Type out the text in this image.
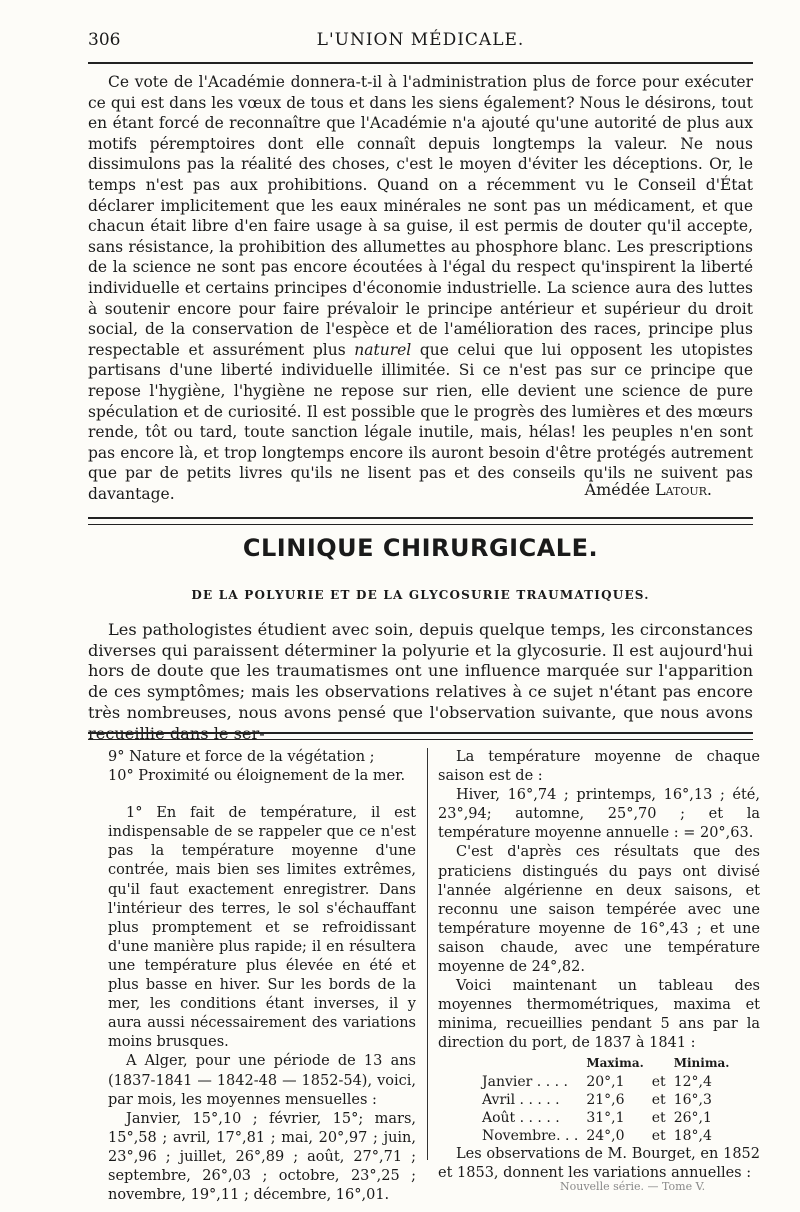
306	L'UNION MÉDICALE.

Ce vote de l'Académie donnera-t-il à l'administration plus de force pour exécuter ce qui est dans les vœux de tous et dans les siens également? Nous le désirons, tout en étant forcé de reconnaître que l'Académie n'a ajouté qu'une autorité de plus aux motifs péremptoires dont elle connaît depuis longtemps la valeur. Ne nous dissimulons pas la réalité des choses, c'est le moyen d'éviter les déceptions. Or, le temps n'est pas aux prohibitions. Quand on a récemment vu le Conseil d'État déclarer implicitement que les eaux minérales ne sont pas un médicament, et que chacun était libre d'en faire usage à sa guise, il est permis de douter qu'il accepte, sans résistance, la prohibition des allumettes au phosphore blanc. Les prescriptions de la science ne sont pas encore écoutées à l'égal du respect qu'inspirent la liberté individuelle et certains principes d'économie industrielle. La science aura des luttes à soutenir encore pour faire prévaloir le principe antérieur et supérieur du droit social, de la conservation de l'espèce et de l'amélioration des races, principe plus respectable et assurément plus naturel que celui que lui opposent les utopistes partisans d'une liberté individuelle illimitée. Si ce n'est pas sur ce principe que repose l'hygiène, l'hygiène ne repose sur rien, elle devient une science de pure spéculation et de curiosité. Il est possible que le progrès des lumières et des mœurs rende, tôt ou tard, toute sanction légale inutile, mais, hélas! les peuples n'en sont pas encore là, et trop longtemps encore ils auront besoin d'être protégés autrement que par de petits livres qu'ils ne lisent pas et des conseils qu'ils ne suivent pas davantage.	Amédée Latour.
CLINIQUE CHIRURGICALE.
DE LA POLYURIE ET DE LA GLYCOSURIE TRAUMATIQUES.

Les pathologistes étudient avec soin, depuis quelque temps, les circonstances diverses qui paraissent déterminer la polyurie et la glycosurie. Il est aujourd'hui hors de doute que les traumatismes ont une influence marquée sur l'apparition de ces symptômes; mais les observations relatives à ce sujet n'étant pas encore très nombreuses, nous avons pensé que l'observation suivante, que nous avons recueillie dans le ser-

9° Nature et force de la végétation ;

10° Proximité ou éloignement de la mer.

1° En fait de température, il est indispensable de se rappeler que ce n'est pas la température moyenne d'une contrée, mais bien ses limites extrêmes, qu'il faut exactement enregistrer. Dans l'intérieur des terres, le sol s'échauffant plus promptement et se refroidissant d'une manière plus rapide; il en résultera une température plus élevée en été et plus basse en hiver. Sur les bords de la mer, les conditions étant inverses, il y aura aussi nécessairement des variations moins brusques.

A Alger, pour une période de 13 ans (1837-1841 — 1842-48 — 1852-54), voici, par mois, les moyennes mensuelles :

Janvier, 15°,10 ; février, 15°; mars, 15°,58 ; avril, 17°,81 ; mai, 20°,97 ; juin, 23°,96 ; juillet, 26°,89 ; août, 27°,71 ; septembre, 26°,03 ; octobre, 23°,25 ; novembre, 19°,11 ; décembre, 16°,01.

La température moyenne de chaque saison est de :

Hiver, 16°,74 ; printemps, 16°,13 ; été, 23°,94; automne, 25°,70 ; et la température moyenne annuelle : = 20°,63.

C'est d'après ces résultats que des praticiens distingués du pays ont divisé l'année algérienne en deux saisons, et reconnu une saison tempérée avec une température moyenne de 16°,43 ; et une saison chaude, avec une température moyenne de 24°,82.

Voici maintenant un tableau des moyennes thermométriques, maxima et minima, recueillies pendant 5 ans par la direction du port, de 1837 à 1841 :

	Maxima.		Minima.
Janvier . . . .	20°,1	et	12°,4
Avril . . . . .	21°,6	et	16°,3
Août . . . . .	31°,1	et	26°,1
Novembre. . .	24°,0	et	18°,4

Les observations de M. Bourget, en 1852 et 1853, donnent les variations annuelles :

Nouvelle série. — Tome V.
